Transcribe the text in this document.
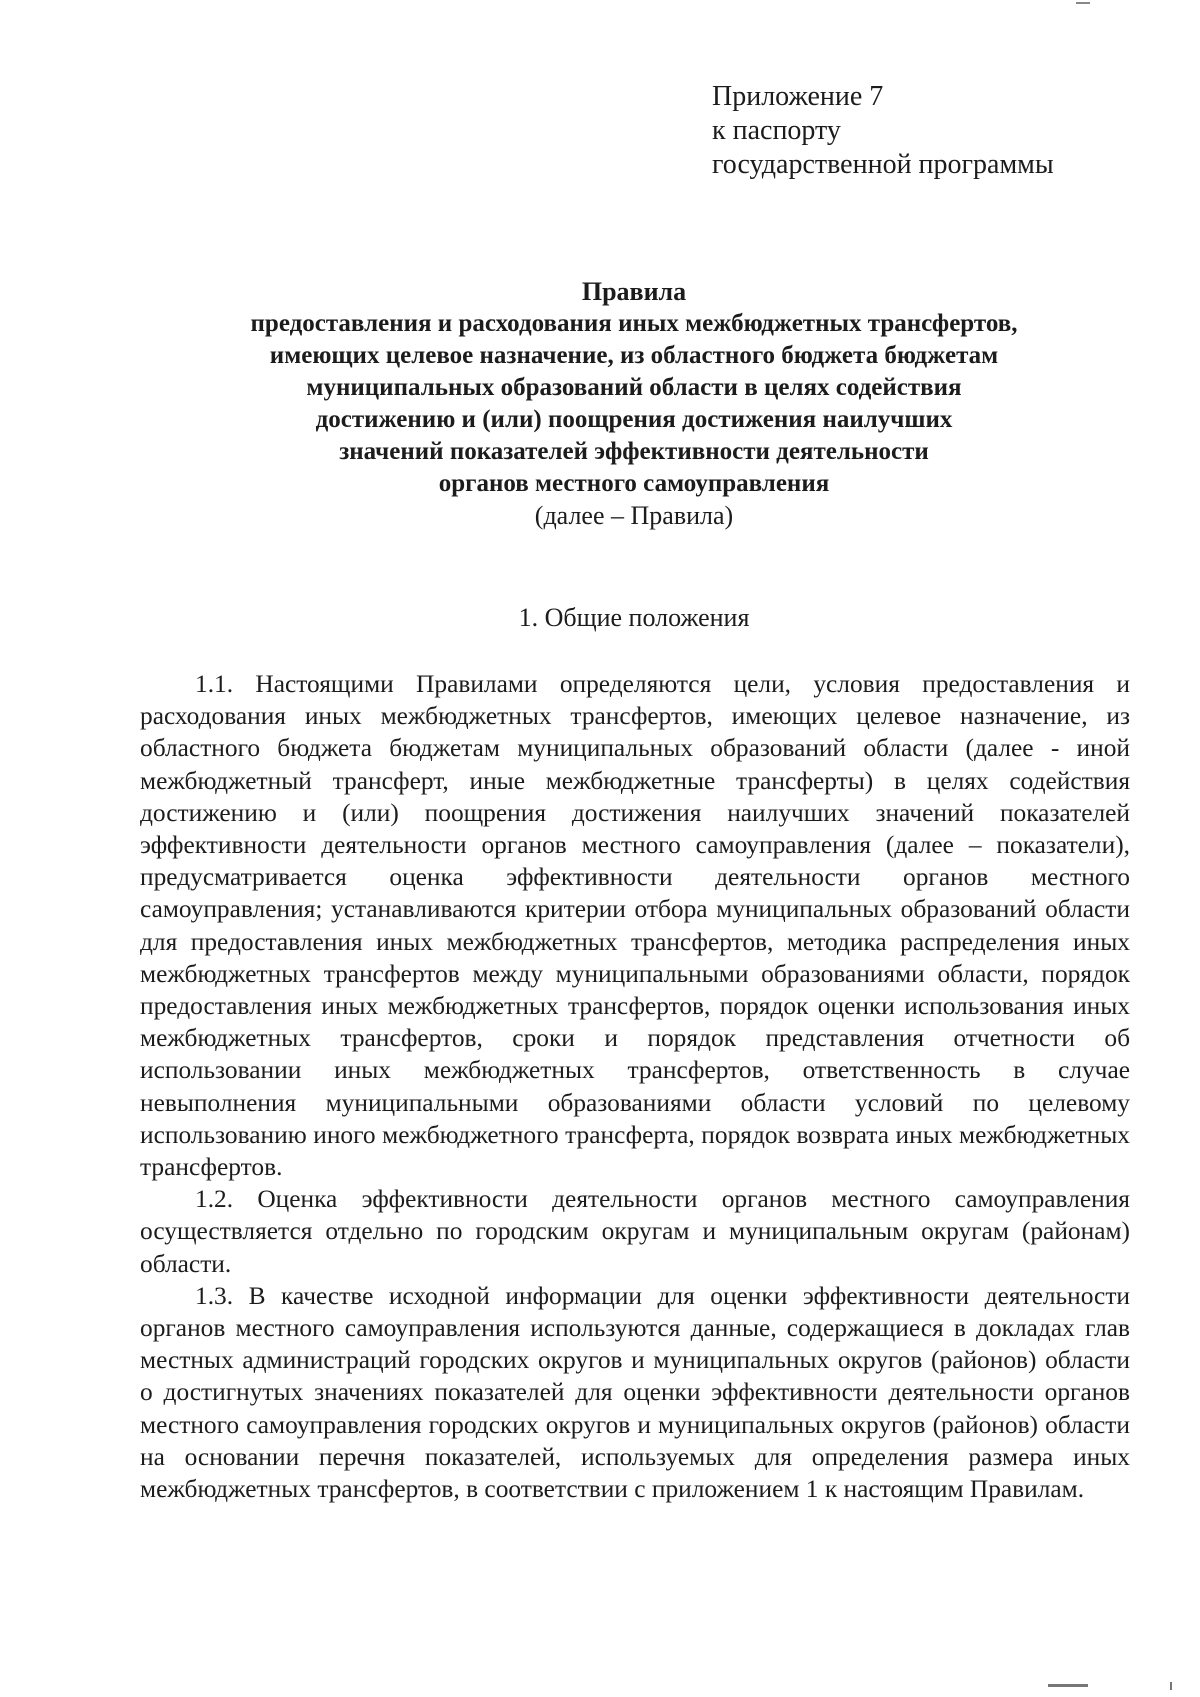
Приложение 7
к паспорту
государственной программы
Правила
предоставления и расходования иных межбюджетных трансфертов,
имеющих целевое назначение, из областного бюджета бюджетам
муниципальных образований области в целях содействия
достижению и (или) поощрения достижения наилучших
значений показателей эффективности деятельности
органов местного самоуправления
(далее – Правила)
1. Общие положения

1.1. Настоящими Правилами определяются цели, условия предоставления и расходования иных межбюджетных трансфертов, имеющих целевое назначение, из областного бюджета бюджетам муниципальных образований области (далее - иной межбюджетный трансферт, иные межбюджетные трансферты) в целях содействия достижению и (или) поощрения достижения наилучших значений показателей эффективности деятельности органов местного самоуправления (далее – показатели), предусматривается оценка эффективности деятельности органов местного самоуправления; устанавливаются критерии отбора муниципальных образований области для предоставления иных межбюджетных трансфертов, методика распределения иных межбюджетных трансфертов между муниципальными образованиями области, порядок предоставления иных межбюджетных трансфертов, порядок оценки использования иных межбюджетных трансфертов, сроки и порядок представления отчетности об использовании иных межбюджетных трансфертов, ответственность в случае невыполнения муниципальными образованиями области условий по целевому использованию иного межбюджетного трансферта, порядок возврата иных межбюджетных трансфертов.

1.2. Оценка эффективности деятельности органов местного самоуправления осуществляется отдельно по городским округам и муниципальным округам (районам) области.

1.3. В качестве исходной информации для оценки эффективности деятельности органов местного самоуправления используются данные, содержащиеся в докладах глав местных администраций городских округов и муниципальных округов (районов) области о достигнутых значениях показателей для оценки эффективности деятельности органов местного самоуправления городских округов и муниципальных округов (районов) области на основании перечня показателей, используемых для определения размера иных межбюджетных трансфертов, в соответствии с приложением 1 к настоящим Правилам.
